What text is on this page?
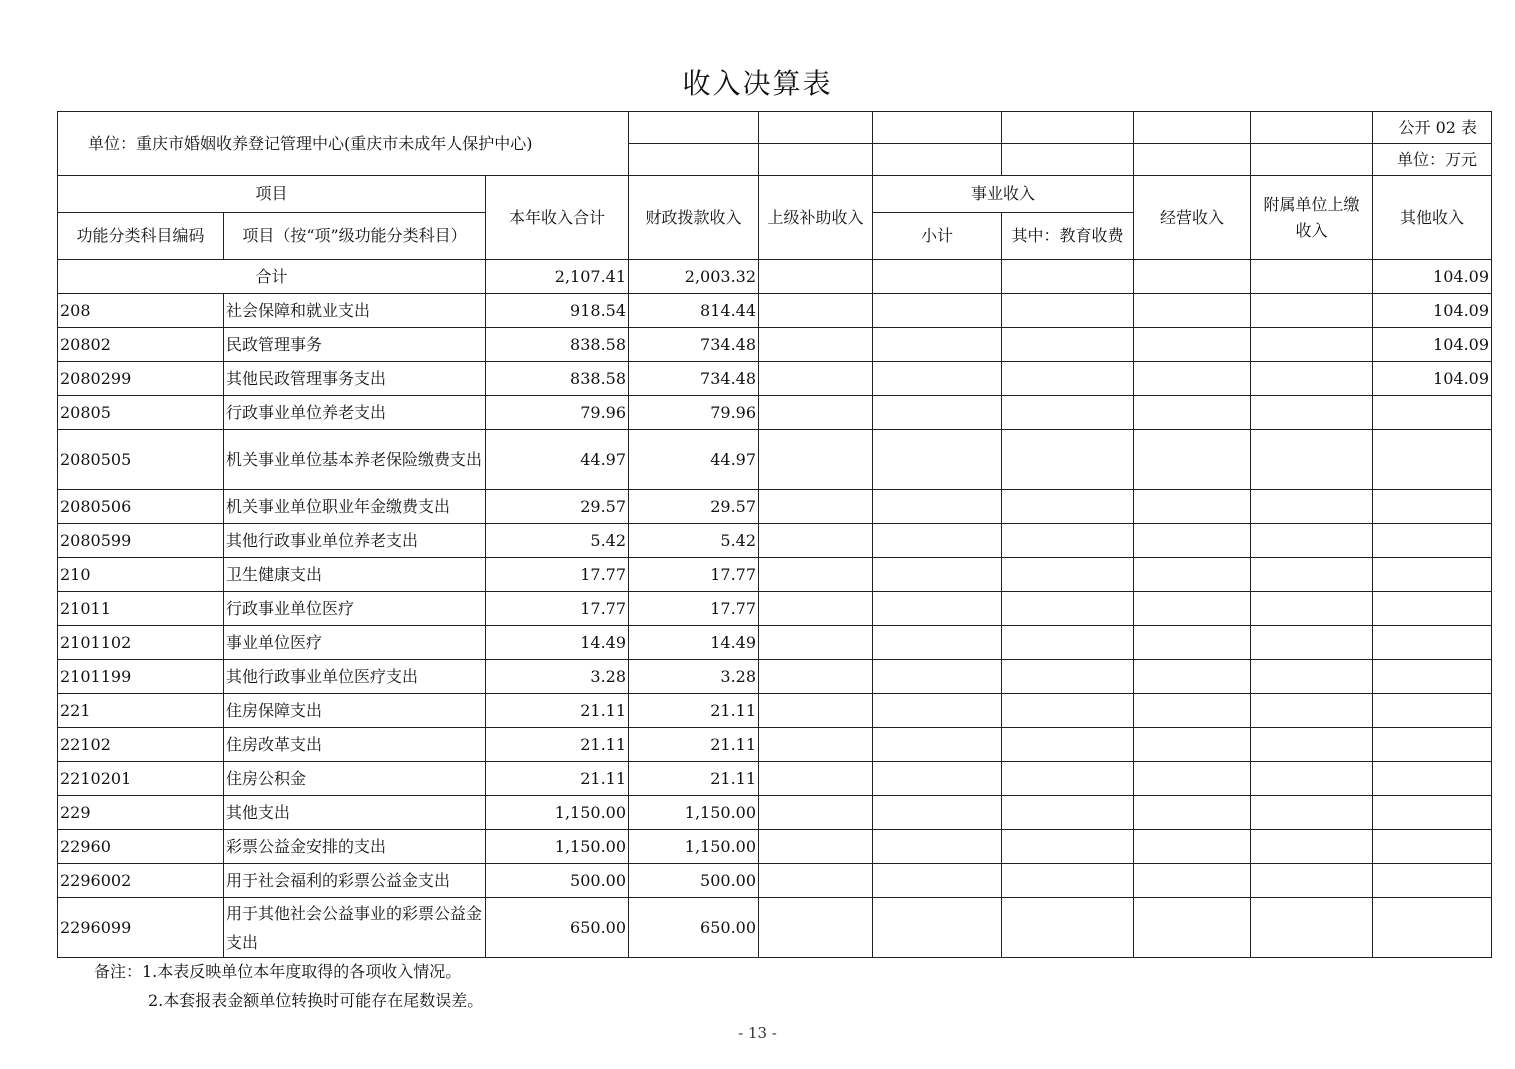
收入决算表
单位：重庆市婚姻收养登记管理中心(重庆市未成年人保护中心)									公开 02 表
									单位：万元
项目		本年收入合计	财政拨款收入	上级补助收入	事业收入		经营收入	附属单位上缴收入	其他收入
功能分类科目编码	项目（按“项”级功能分类科目）				小计	其中：教育收费			
合计		2,107.41	2,003.32						104.09
208	社会保障和就业支出	918.54	814.44						104.09
20802	民政管理事务	838.58	734.48						104.09
2080299	其他民政管理事务支出	838.58	734.48						104.09
20805	行政事业单位养老支出	79.96	79.96						
2080505	机关事业单位基本养老保险缴费支出	44.97	44.97						
2080506	机关事业单位职业年金缴费支出	29.57	29.57						
2080599	其他行政事业单位养老支出	5.42	5.42						
210	卫生健康支出	17.77	17.77						
21011	行政事业单位医疗	17.77	17.77						
2101102	事业单位医疗	14.49	14.49						
2101199	其他行政事业单位医疗支出	3.28	3.28						
221	住房保障支出	21.11	21.11						
22102	住房改革支出	21.11	21.11						
2210201	住房公积金	21.11	21.11						
229	其他支出	1,150.00	1,150.00						
22960	彩票公益金安排的支出	1,150.00	1,150.00						
2296002	用于社会福利的彩票公益金支出	500.00	500.00						
2296099	用于其他社会公益事业的彩票公益金支出	650.00	650.00						
备注：1.本表反映单位本年度取得的各项收入情况。
2.本套报表金额单位转换时可能存在尾数误差。
- 13 -
